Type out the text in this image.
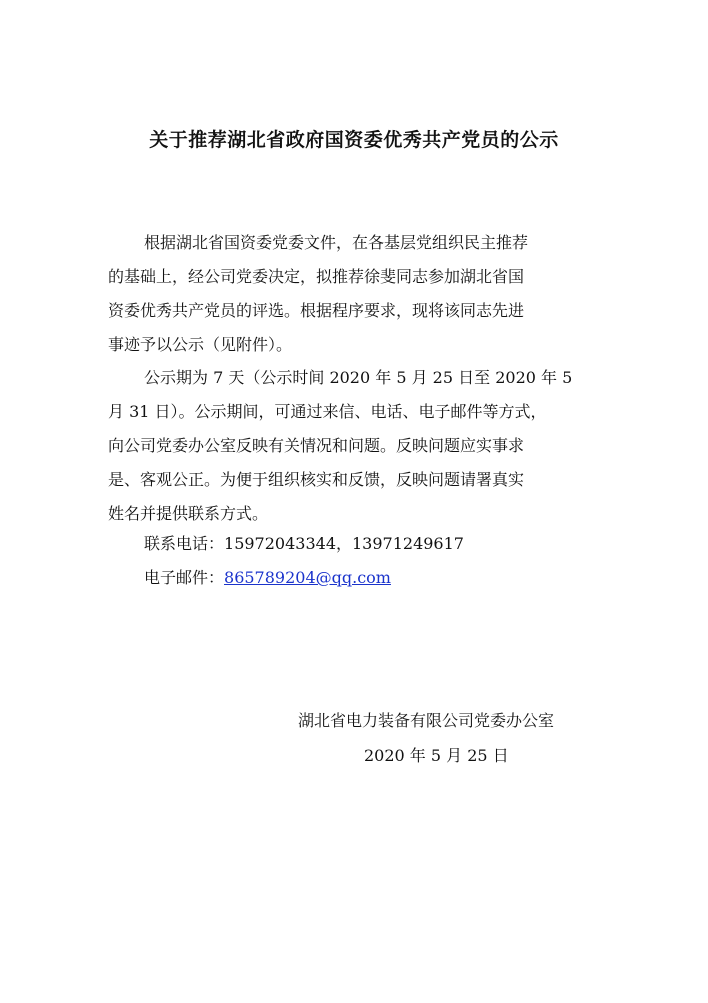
关于推荐湖北省政府国资委优秀共产党员的公示
根据湖北省国资委党委文件，在各基层党组织民主推荐
的基础上，经公司党委决定，拟推荐徐斐同志参加湖北省国
资委优秀共产党员的评选。根据程序要求，现将该同志先进
事迹予以公示（见附件）。
公示期为 7 天（公示时间 2020 年 5 月 25 日至 2020 年 5
月 31 日）。公示期间，可通过来信、电话、电子邮件等方式，
向公司党委办公室反映有关情况和问题。反映问题应实事求
是、客观公正。为便于组织核实和反馈，反映问题请署真实
姓名并提供联系方式。
联系电话：15972043344，13971249617
电子邮件：865789204@qq.com
湖北省电力装备有限公司党委办公室
2020 年 5 月 25 日
